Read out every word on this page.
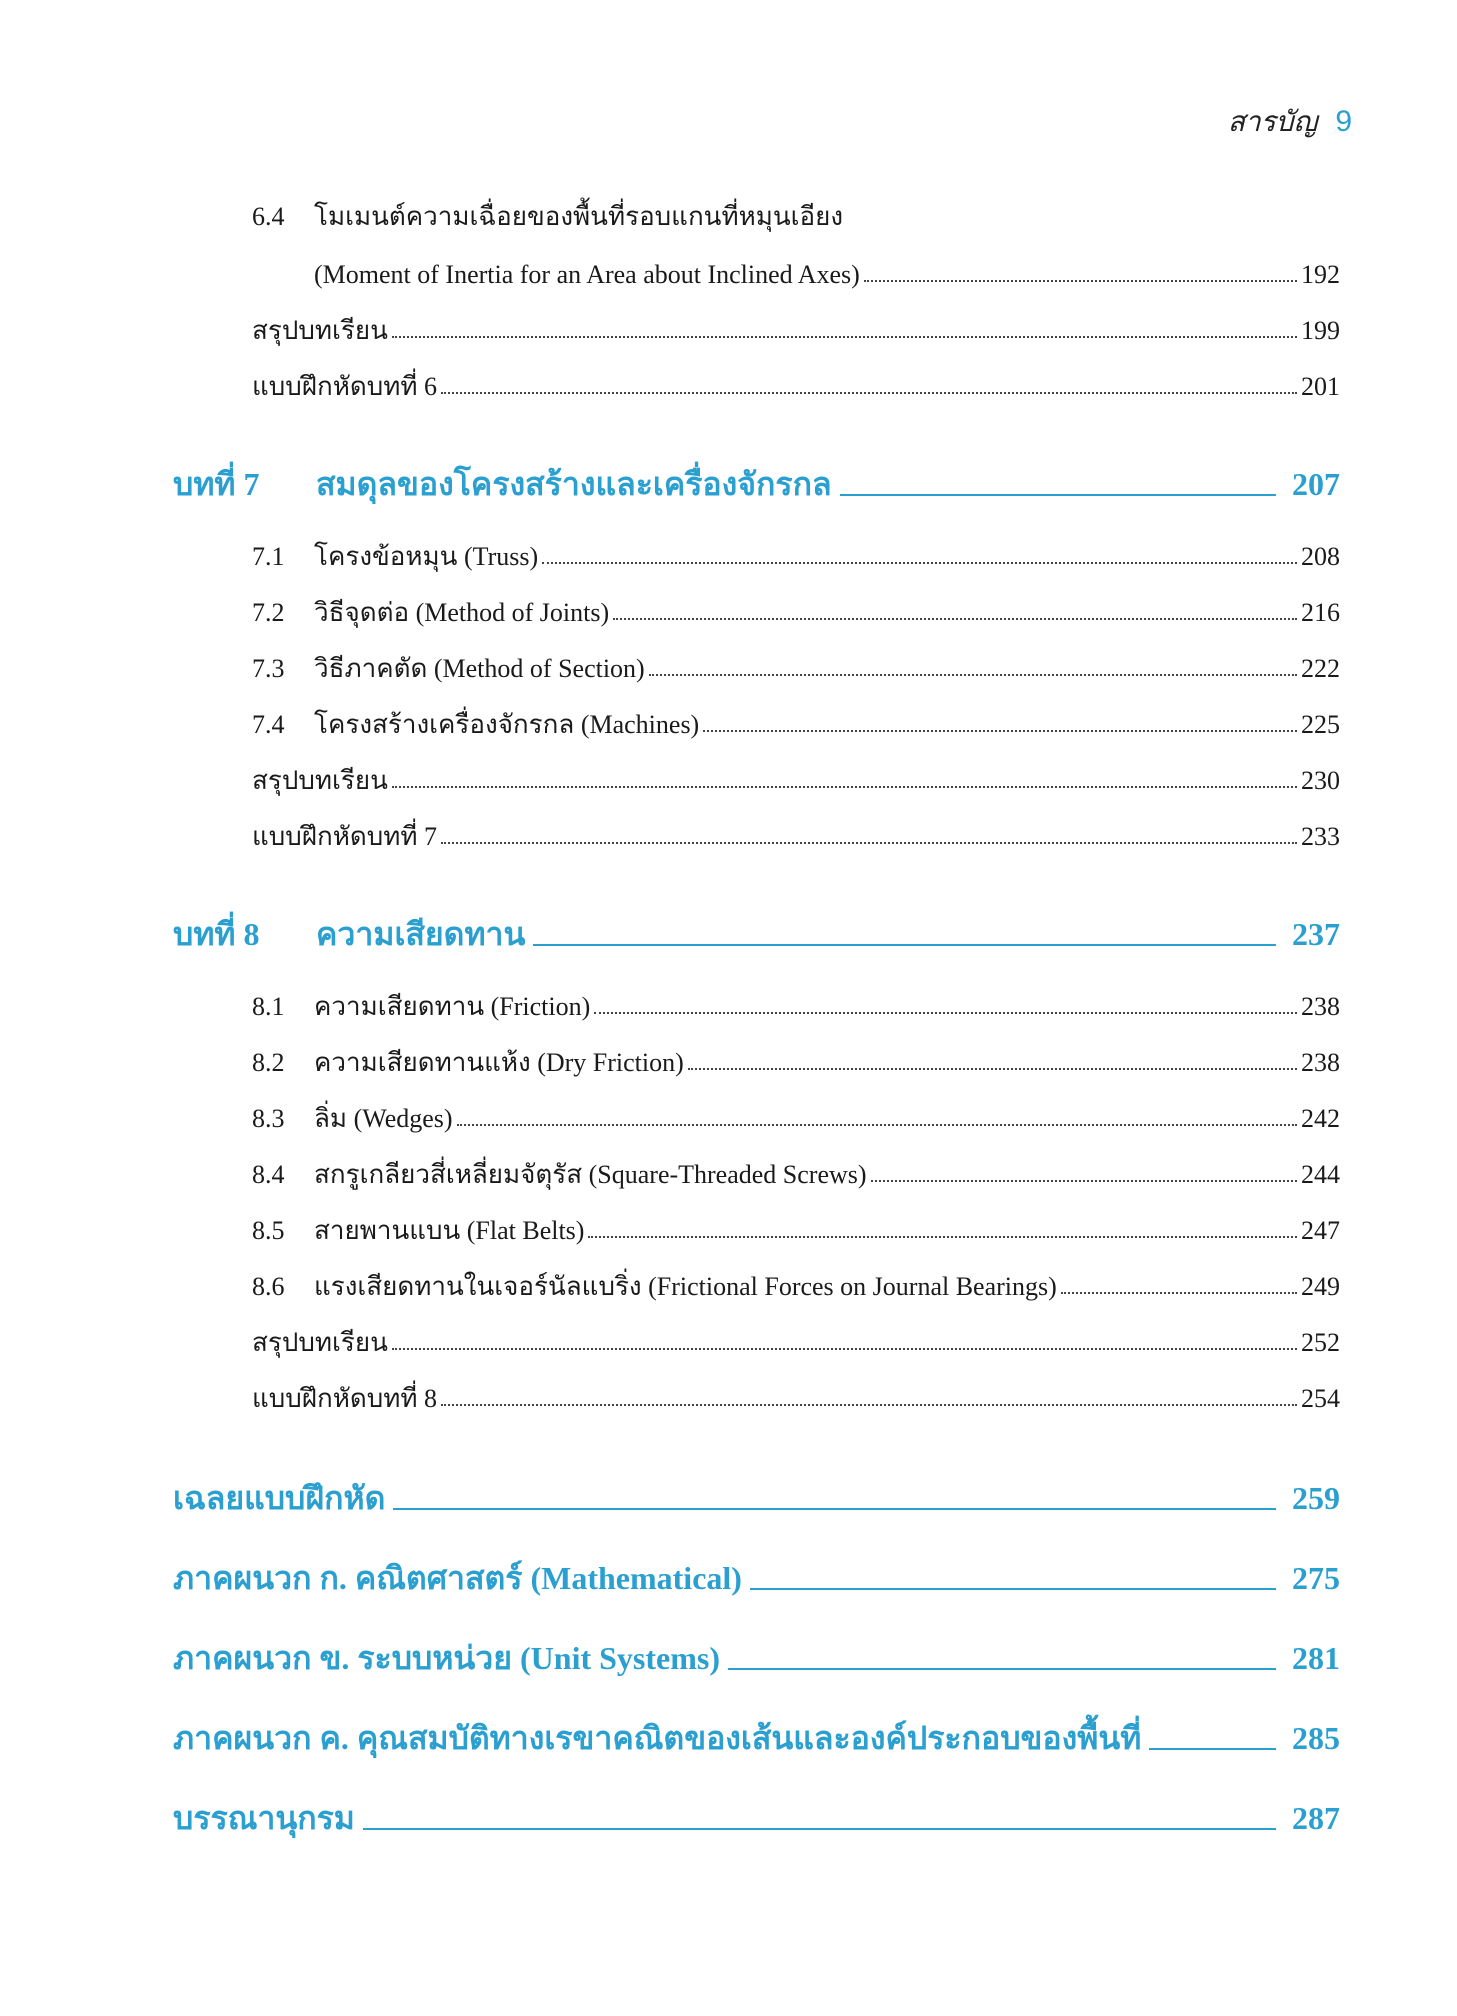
สารบัญ 9
6.4	โมเมนต์ความเฉื่อยของพื้นที่รอบแกนที่หมุนเอียง
(Moment of Inertia for an Area about Inclined Axes)	192
สรุปบทเรียน	199
แบบฝึกหัดบทที่ 6	201
บทที่ 7	สมดุลของโครงสร้างและเครื่องจักรกล	207
7.1	โครงข้อหมุน (Truss)	208
7.2	วิธีจุดต่อ (Method of Joints)	216
7.3	วิธีภาคตัด (Method of Section)	222
7.4	โครงสร้างเครื่องจักรกล (Machines)	225
สรุปบทเรียน	230
แบบฝึกหัดบทที่ 7	233
บทที่ 8	ความเสียดทาน	237
8.1	ความเสียดทาน (Friction)	238
8.2	ความเสียดทานแห้ง (Dry Friction)	238
8.3	ลิ่ม (Wedges)	242
8.4	สกรูเกลียวสี่เหลี่ยมจัตุรัส (Square-Threaded Screws)	244
8.5	สายพานแบน (Flat Belts)	247
8.6	แรงเสียดทานในเจอร์นัลแบริ่ง (Frictional Forces on Journal Bearings)	249
สรุปบทเรียน	252
แบบฝึกหัดบทที่ 8	254
เฉลยแบบฝึกหัด	259
ภาคผนวก ก. คณิตศาสตร์ (Mathematical)	275
ภาคผนวก ข. ระบบหน่วย (Unit Systems)	281
ภาคผนวก ค. คุณสมบัติทางเรขาคณิตของเส้นและองค์ประกอบของพื้นที่	285
บรรณานุกรม	287
